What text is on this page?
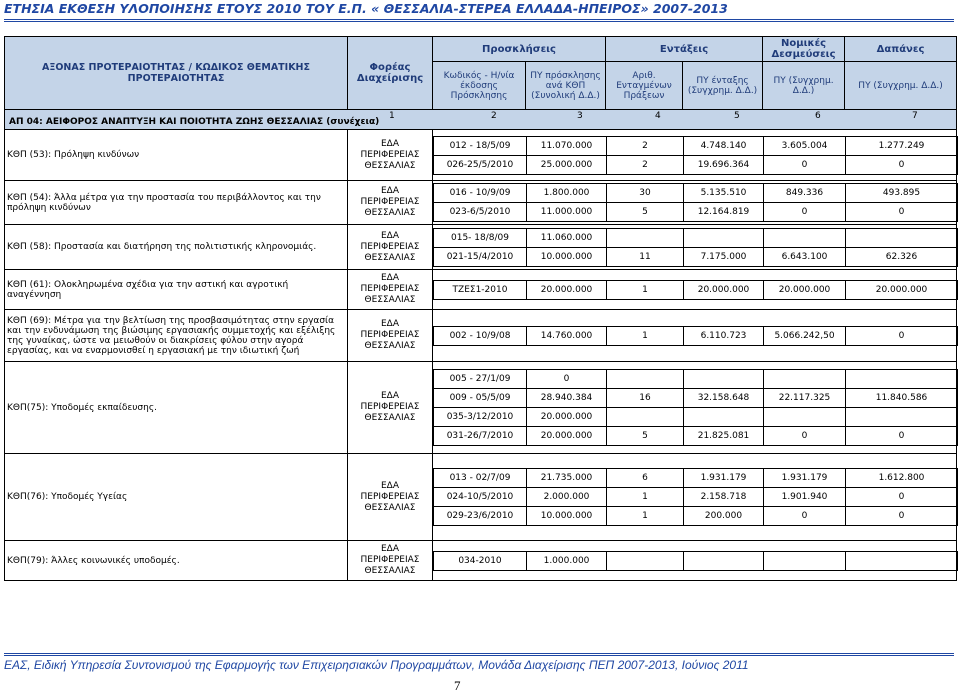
ΕΤΗΣΙΑ ΕΚΘΕΣΗ ΥΛΟΠΟΙΗΣΗΣ ΕΤΟΥΣ 2010 ΤΟΥ Ε.Π. « ΘΕΣΣΑΛΙΑ-ΣΤΕΡΕΑ ΕΛΛΑΔΑ-ΗΠΕΙΡΟΣ» 2007-2013
ΑΞΟΝΑΣ ΠΡΟΤΕΡΑΙΟΤΗΤΑΣ / ΚΩΔΙΚΟΣ ΘΕΜΑΤΙΚΗΣ ΠΡΟΤΕΡΑΙΟΤΗΤΑΣ	Φορέας Διαχείρισης	Προσκλήσεις	Εντάξεις	Νομικές Δεσμεύσεις	Δαπάνες
Κωδικός - Η/νία έκδοσης Πρόσκλησης	ΠΥ πρόσκλησης ανά ΚΘΠ (Συνολική Δ.Δ.)	Αριθ. Ενταγμένων Πράξεων	ΠΥ ένταξης (Συγχρημ. Δ.Δ.)	ΠΥ (Συγχρημ. Δ.Δ.)	ΠΥ (Συγχρημ. Δ.Δ.)

ΑΠ 04: ΑΕΙΦΟΡΟΣ ΑΝΑΠΤΥΞΗ ΚΑΙ ΠΟΙΟΤΗΤΑ ΖΩΗΣ ΘΕΣΣΑΛΙΑΣ (συνέχεια)
1	2	3	4	5	6	7

ΚΘΠ (53): Πρόληψη κινδύνων	
ΕΔΑ
ΠΕΡΙΦΕΡΕΙΑΣ
ΘΕΣΣΑΛΙΑΣ

012 - 18/5/09	11.070.000	2	4.748.140	3.605.004	1.277.249
026-25/5/2010	25.000.000	2	19.696.364	0	0

ΚΘΠ (54): Άλλα μέτρα για την προστασία του περιβάλλοντος και την πρόληψη κινδύνων	
ΕΔΑ
ΠΕΡΙΦΕΡΕΙΑΣ
ΘΕΣΣΑΛΙΑΣ

016 - 10/9/09	1.800.000	30	5.135.510	849.336	493.895
023-6/5/2010	11.000.000	5	12.164.819	0	0

ΚΘΠ (58): Προστασία και διατήρηση της πολιτιστικής κληρονομιάς.	
ΕΔΑ
ΠΕΡΙΦΕΡΕΙΑΣ
ΘΕΣΣΑΛΙΑΣ

015- 18/8/09	11.060.000				
021-15/4/2010	10.000.000	11	7.175.000	6.643.100	62.326

ΚΘΠ (61): Ολοκληρωμένα σχέδια για την αστική και αγροτική αναγέννηση	
ΕΔΑ
ΠΕΡΙΦΕΡΕΙΑΣ
ΘΕΣΣΑΛΙΑΣ

ΤΖΕΣ1-2010	20.000.000	1	20.000.000	20.000.000	20.000.000

ΚΘΠ (69): Μέτρα για την βελτίωση της προσβασιμότητας στην εργασία και την ενδυνάμωση της βιώσιμης εργασιακής συμμετοχής και εξέλιξης της γυναίκας, ώστε να μειωθούν οι διακρίσεις φύλου στην αγορά εργασίας, και να εναρμονισθεί η εργασιακή με την ιδιωτική ζωή	
ΕΔΑ
ΠΕΡΙΦΕΡΕΙΑΣ
ΘΕΣΣΑΛΙΑΣ

002 - 10/9/08	14.760.000	1	6.110.723	5.066.242,50	0

ΚΘΠ(75): Υποδομές εκπαίδευσης.	
ΕΔΑ
ΠΕΡΙΦΕΡΕΙΑΣ
ΘΕΣΣΑΛΙΑΣ

005 - 27/1/09	0				
009 - 05/5/09	28.940.384	16	32.158.648	22.117.325	11.840.586
035-3/12/2010	20.000.000				
031-26/7/2010	20.000.000	5	21.825.081	0	0

ΚΘΠ(76): Υποδομές Υγείας	
ΕΔΑ
ΠΕΡΙΦΕΡΕΙΑΣ
ΘΕΣΣΑΛΙΑΣ

013 - 02/7/09	21.735.000	6	1.931.179	1.931.179	1.612.800
024-10/5/2010	2.000.000	1	2.158.718	1.901.940	0
029-23/6/2010	10.000.000	1	200.000	0	0

ΚΘΠ(79): Άλλες κοινωνικές υποδομές.	
ΕΔΑ
ΠΕΡΙΦΕΡΕΙΑΣ
ΘΕΣΣΑΛΙΑΣ

034-2010	1.000.000				
ΕΑΣ, Ειδική Υπηρεσία Συντονισμού της Εφαρμογής των Επιχειρησιακών Προγραμμάτων, Μονάδα Διαχείρισης ΠΕΠ 2007-2013, Ιούνιος 2011
7
